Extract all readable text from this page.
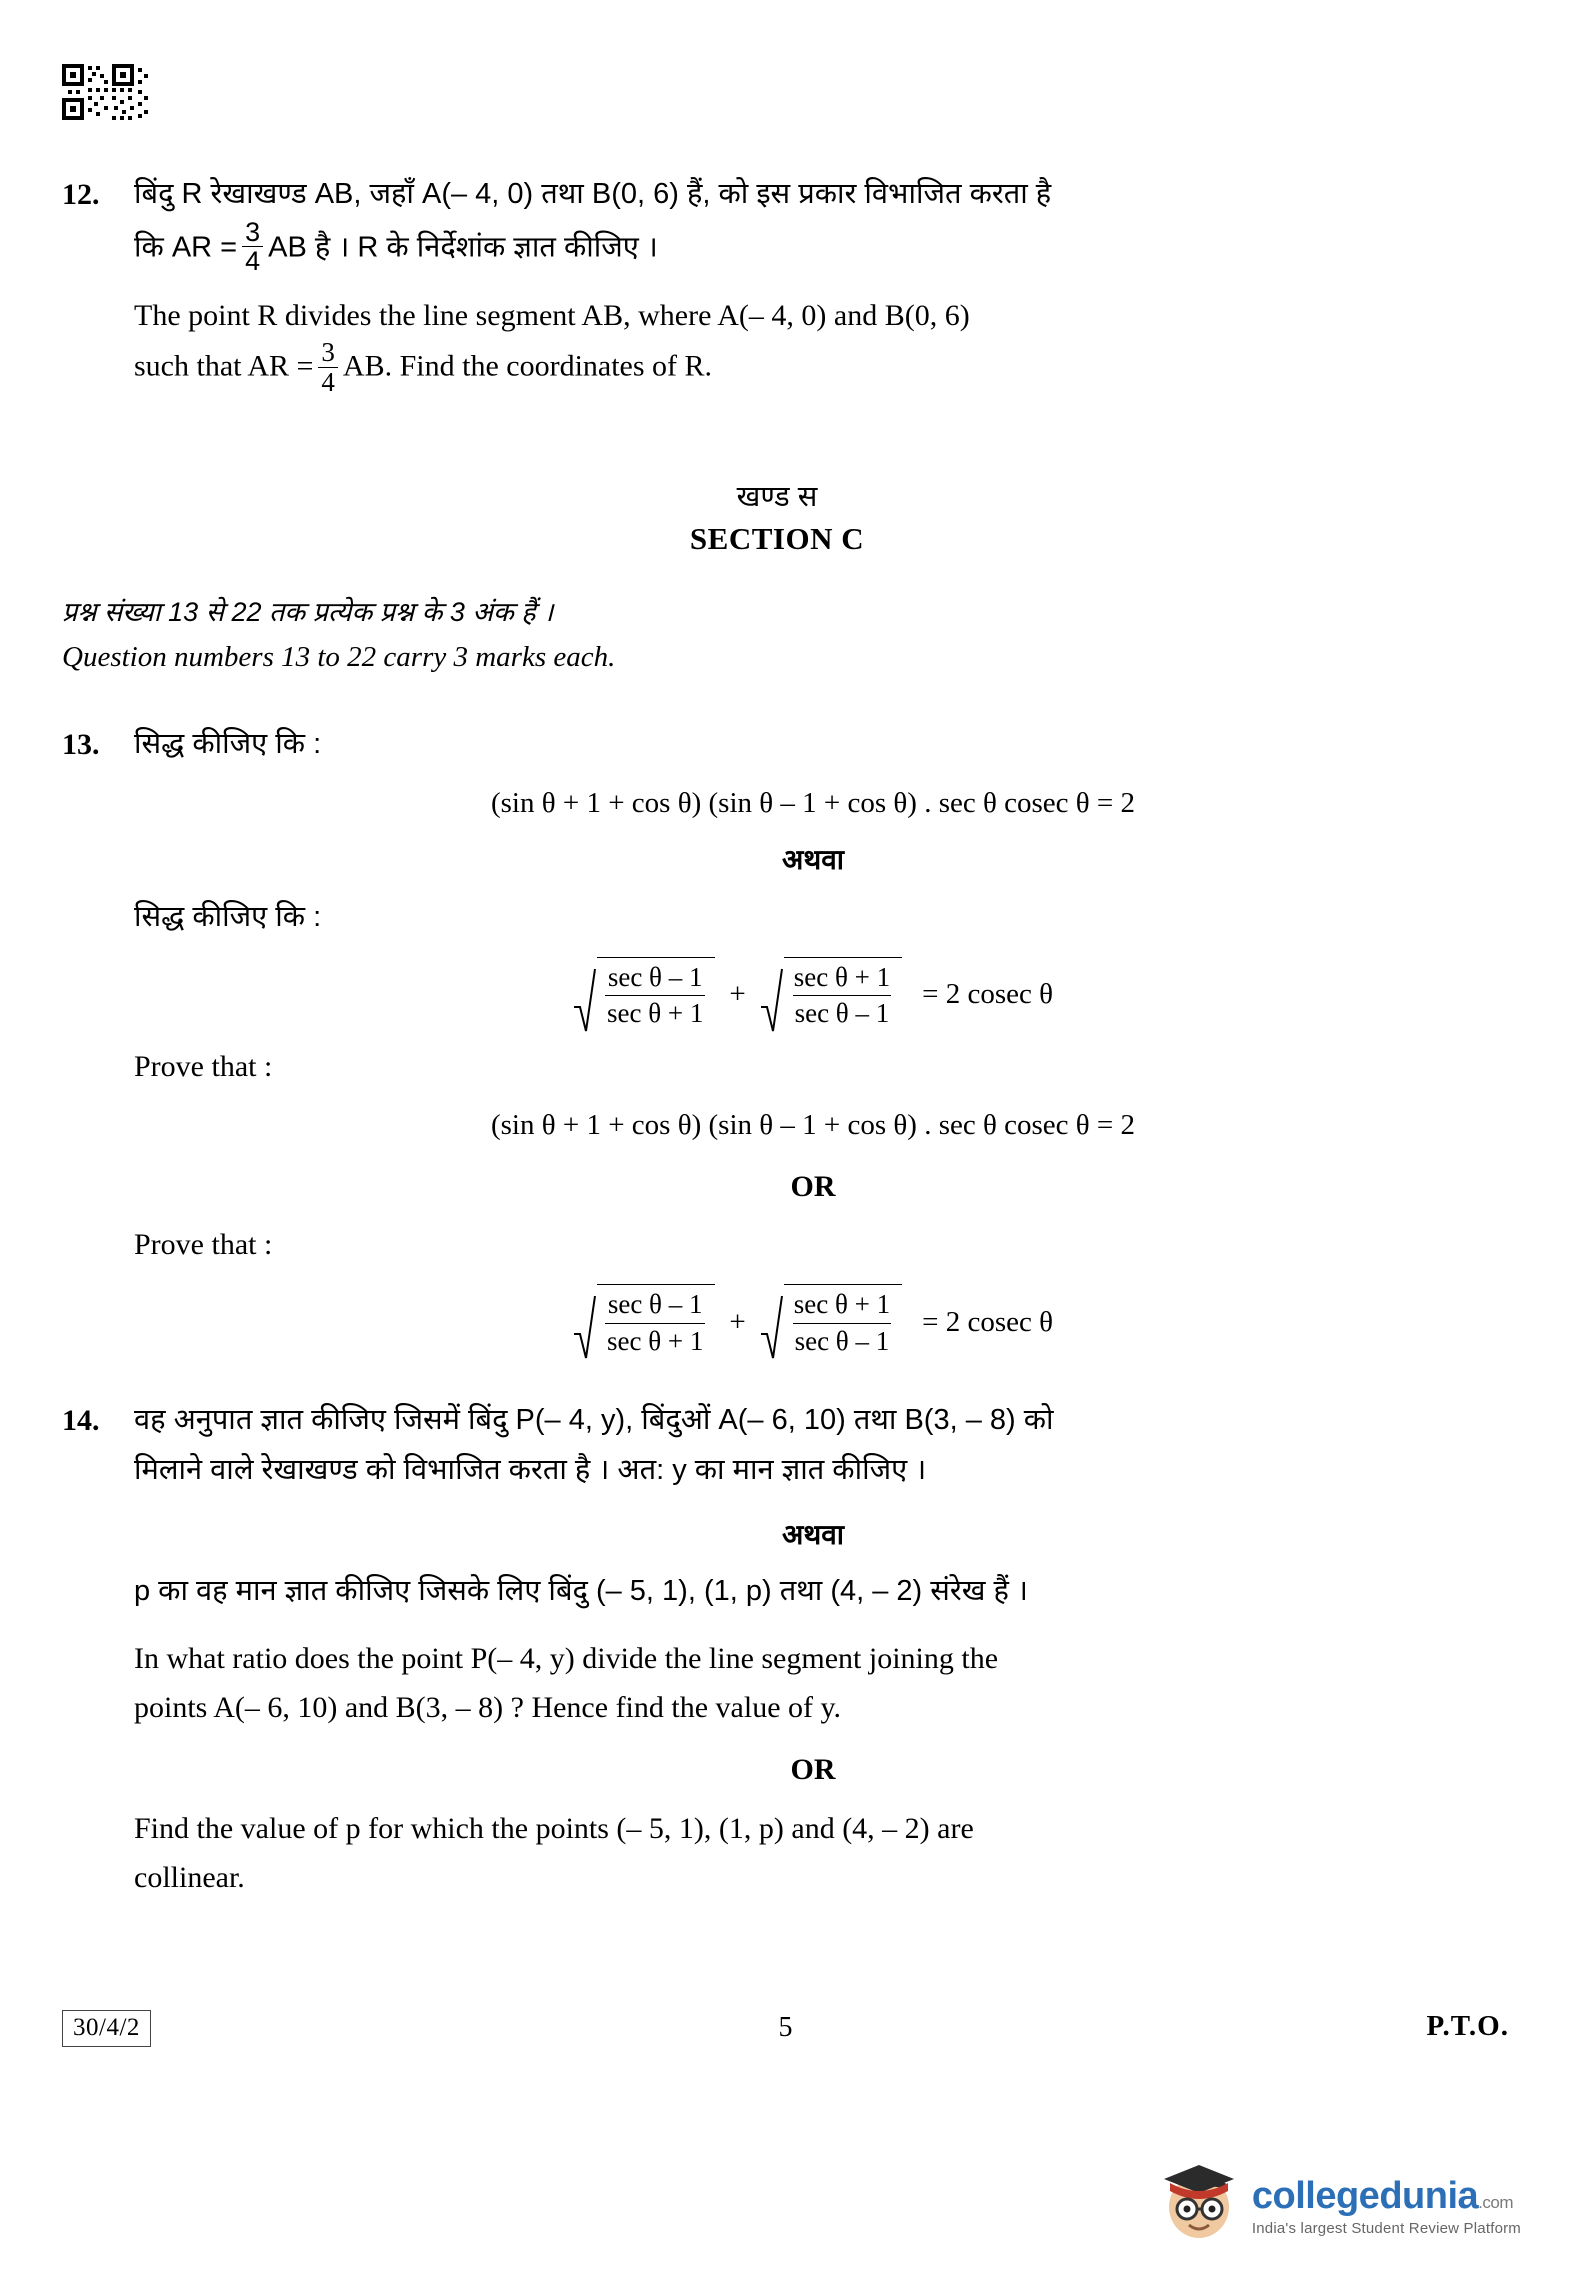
12.	बिंदु R रेखाखण्ड AB, जहाँ A(– 4, 0) तथा B(0, 6) हैं, को इस प्रकार विभाजित करता है
कि AR = $\frac{3}{4}$ AB है । R के निर्देशांक ज्ञात कीजिए ।
The point R divides the line segment AB, where A(– 4, 0) and B(0, 6)
such that AR = $\frac{3}{4}$ AB. Find the coordinates of R.
खण्ड स
SECTION C
प्रश्न संख्या 13 से 22 तक प्रत्येक प्रश्न के 3 अंक हैं ।
Question numbers 13 to 22 carry 3 marks each.
13.	सिद्ध कीजिए कि :
(sin θ + 1 + cos θ) (sin θ – 1 + cos θ) . sec θ cosec θ = 2
अथवा
सिद्ध कीजिए कि :
sec θ – 1
sec θ + 1
+
sec θ + 1
sec θ – 1
= 2 cosec θ
Prove that :
(sin θ + 1 + cos θ) (sin θ – 1 + cos θ) . sec θ cosec θ = 2
OR
Prove that :
sec θ – 1
sec θ + 1
+
sec θ + 1
sec θ – 1
= 2 cosec θ
14.	वह अनुपात ज्ञात कीजिए जिसमें बिंदु P(– 4, y), बिंदुओं A(– 6, 10) तथा B(3, – 8) को
मिलाने वाले रेखाखण्ड को विभाजित करता है । अत: y का मान ज्ञात कीजिए ।
अथवा
p का वह मान ज्ञात कीजिए जिसके लिए बिंदु (– 5, 1), (1, p) तथा (4, – 2) संरेख हैं ।
In what ratio does the point P(– 4, y) divide the line segment joining the
points A(– 6, 10) and B(3, – 8) ? Hence find the value of y.
OR
Find the value of p for which the points (– 5, 1), (1, p) and (4, – 2) are
collinear.
30/4/2	5	P.T.O.
collegedunia.com
India's largest Student Review Platform
